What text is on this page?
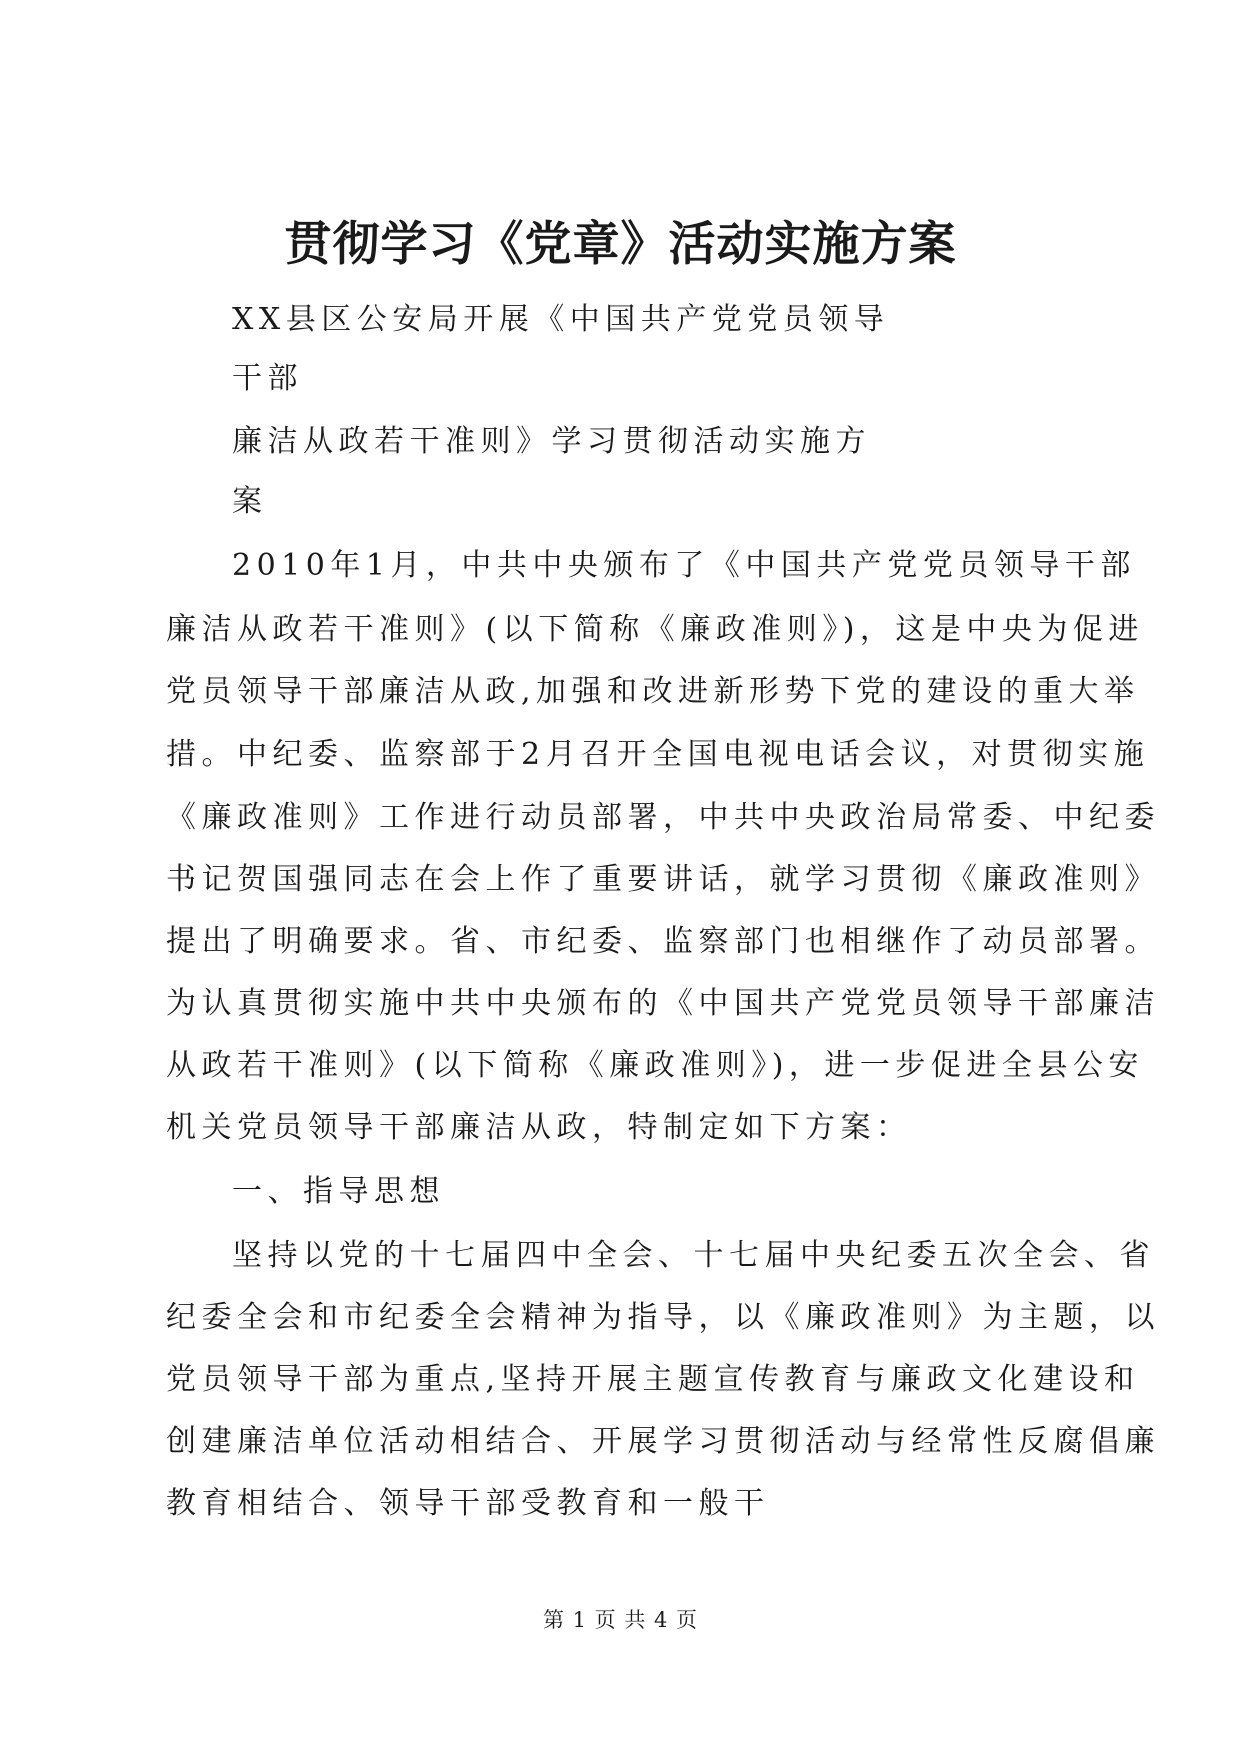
贯彻学习《党章》活动实施方案
XX县区公安局开展《中国共产党党员领导
干部
廉洁从政若干准则》学习贯彻活动实施方
案
2010年1月，中共中央颁布了《中国共产党党员领导干部
廉洁从政若干准则》(以下简称《廉政准则》)，这是中央为促进
党员领导干部廉洁从政,加强和改进新形势下党的建设的重大举
措。中纪委、监察部于2月召开全国电视电话会议，对贯彻实施
《廉政准则》工作进行动员部署，中共中央政治局常委、中纪委
书记贺国强同志在会上作了重要讲话，就学习贯彻《廉政准则》
提出了明确要求。省、市纪委、监察部门也相继作了动员部署。
为认真贯彻实施中共中央颁布的《中国共产党党员领导干部廉洁
从政若干准则》(以下简称《廉政准则》)，进一步促进全县公安
机关党员领导干部廉洁从政，特制定如下方案：
一、指导思想
坚持以党的十七届四中全会、十七届中央纪委五次全会、省
纪委全会和市纪委全会精神为指导，以《廉政准则》为主题，以
党员领导干部为重点,坚持开展主题宣传教育与廉政文化建设和
创建廉洁单位活动相结合、开展学习贯彻活动与经常性反腐倡廉
教育相结合、领导干部受教育和一般干
第 1 页 共 4 页
